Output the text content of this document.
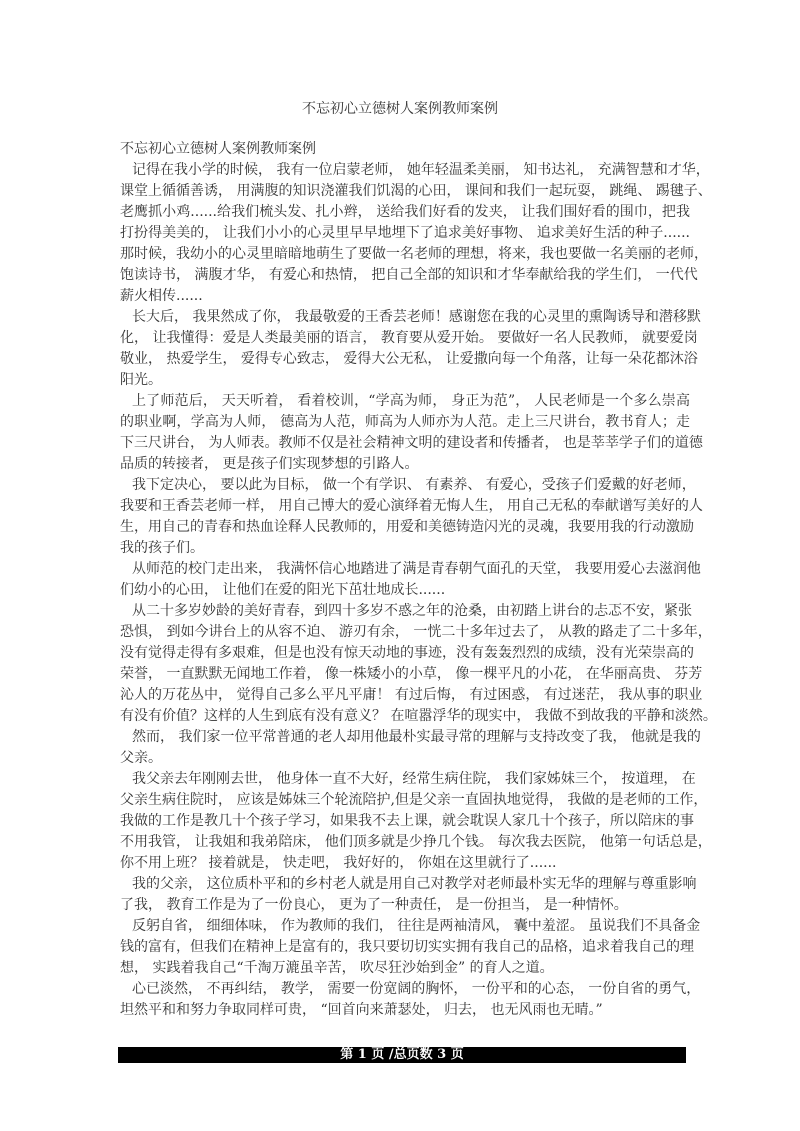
不忘初心立德树人案例教师案例
不忘初心立德树人案例教师案例
记得在我小学的时候， 我有一位启蒙老师， 她年轻温柔美丽， 知书达礼， 充满智慧和才华，
课堂上循循善诱， 用满腹的知识浇灌我们饥渴的心田， 课间和我们一起玩耍， 跳绳、 踢毽子、
老鹰抓小鸡......给我们梳头发、扎小辫， 送给我们好看的发夹， 让我们围好看的围巾，把我
打扮得美美的， 让我们小小的心灵里早早地埋下了追求美好事物、 追求美好生活的种子......
那时候，我幼小的心灵里暗暗地萌生了要做一名老师的理想，将来，我也要做一名美丽的老师，
饱读诗书， 满腹才华， 有爱心和热情， 把自己全部的知识和才华奉献给我的学生们， 一代代
薪火相传......
长大后， 我果然成了你， 我最敬爱的王香芸老师！感谢您在我的心灵里的熏陶诱导和潜移默
化， 让我懂得：爱是人类最美丽的语言， 教育要从爱开始。 要做好一名人民教师， 就要爱岗
敬业， 热爱学生， 爱得专心致志， 爱得大公无私， 让爱撒向每一个角落，让每一朵花都沐浴
阳光。
上了师范后， 天天听着， 看着校训，“学高为师， 身正为范”， 人民老师是一个多么崇高
的职业啊，学高为人师， 德高为人范，师高为人师亦为人范。走上三尺讲台，教书育人；走
下三尺讲台， 为人师表。教师不仅是社会精神文明的建设者和传播者， 也是莘莘学子们的道德
品质的转接者， 更是孩子们实现梦想的引路人。
我下定决心， 要以此为目标， 做一个有学识、 有素养、 有爱心，受孩子们爱戴的好老师，
我要和王香芸老师一样， 用自己博大的爱心演绎着无悔人生， 用自己无私的奉献谱写美好的人
生，用自己的青春和热血诠释人民教师的，用爱和美德铸造闪光的灵魂，我要用我的行动激励
我的孩子们。
从师范的校门走出来， 我满怀信心地踏进了满是青春朝气面孔的天堂， 我要用爱心去滋润他
们幼小的心田， 让他们在爱的阳光下茁壮地成长......
从二十多岁妙龄的美好青春，到四十多岁不惑之年的沧桑，由初踏上讲台的忐忑不安，紧张
恐惧， 到如今讲台上的从容不迫、 游刃有余， 一恍二十多年过去了， 从教的路走了二十多年，
没有觉得走得有多艰难，但是也没有惊天动地的事迹，没有轰轰烈烈的成绩，没有光荣崇高的
荣誉， 一直默默无闻地工作着， 像一株矮小的小草， 像一棵平凡的小花， 在华丽高贵、 芬芳
沁人的万花丛中， 觉得自己多么平凡平庸！ 有过后悔， 有过困惑， 有过迷茫， 我从事的职业
有没有价值？这样的人生到底有没有意义？ 在喧嚣浮华的现实中， 我做不到故我的平静和淡然。
然而， 我们家一位平常普通的老人却用他最朴实最寻常的理解与支持改变了我， 他就是我的
父亲。
我父亲去年刚刚去世， 他身体一直不大好，经常生病住院， 我们家姊妹三个， 按道理， 在
父亲生病住院时， 应该是姊妹三个轮流陪护,但是父亲一直固执地觉得， 我做的是老师的工作，
我做的工作是教几十个孩子学习，如果我不去上课，就会耽误人家几十个孩子，所以陪床的事
不用我管， 让我姐和我弟陪床， 他们顶多就是少挣几个钱。 每次我去医院， 他第一句话总是，
你不用上班？ 接着就是， 快走吧， 我好好的， 你姐在这里就行了......
我的父亲， 这位质朴平和的乡村老人就是用自己对教学对老师最朴实无华的理解与尊重影响
了我， 教育工作是为了一份良心， 更为了一种责任， 是一份担当， 是一种情怀。
反躬自省， 细细体味， 作为教师的我们， 往往是两袖清风， 囊中羞涩。 虽说我们不具备金
钱的富有，但我们在精神上是富有的，我只要切切实实拥有我自己的品格，追求着我自己的理
想， 实践着我自己“千淘万漉虽辛苦， 吹尽狂沙始到金” 的育人之道。
心已淡然， 不再纠结， 教学， 需要一份宽阔的胸怀， 一份平和的心态， 一份自省的勇气，
坦然平和和努力争取同样可贵， “回首向来萧瑟处， 归去， 也无风雨也无晴。”
第 1 页 /总页数 3 页
